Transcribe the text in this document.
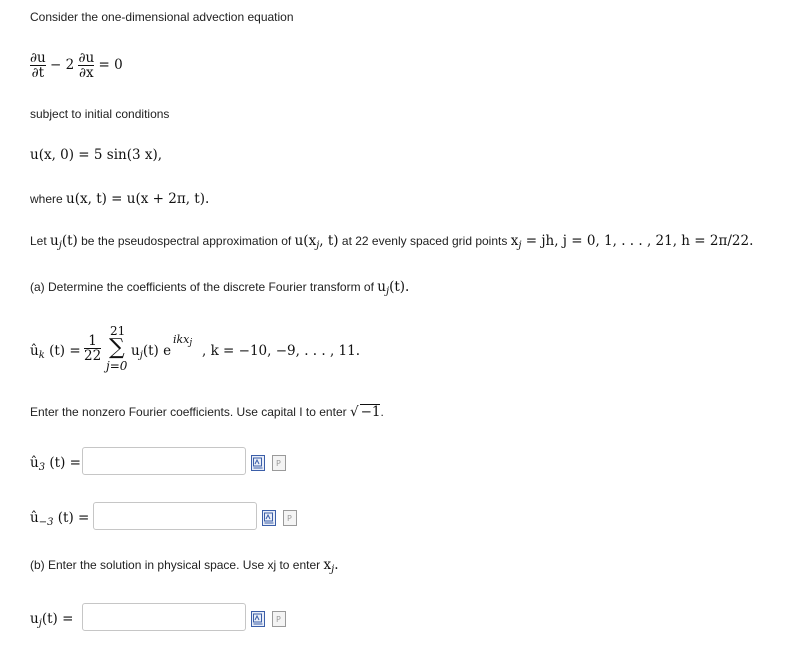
Consider the one-dimensional advection equation
$\frac{\partial u}{\partial t} - 2 \frac{\partial u}{\partial x} = 0$
subject to initial conditions
u(x, 0) = 5 sin(3 x),
where u(x, t) = u(x + 2π, t).
Let $u_j(t)$ be the pseudospectral approximation of $u(x_j$, t) at 22 evenly spaced grid points $x_j$ = jh, j = 0, 1, . . . , 21, h = 2π/22.
(a) Determine the coefficients of the discrete Fourier transform of $u_j(t)$.
$û_k$ $(t) = \frac{1}{22}$
21
∑
j=0
$u_j(t)$ e
ikxj , k = −10, −9, . . . , 11.
Enter the nonzero Fourier coefficients. Use capital I to enter √ −1.
$û_3$ (t) =	P
$û_{-3}$ (t) =	P
(b) Enter the solution in physical space. Use xj to enter $x_j$.
$u_j(t)$ =	P
